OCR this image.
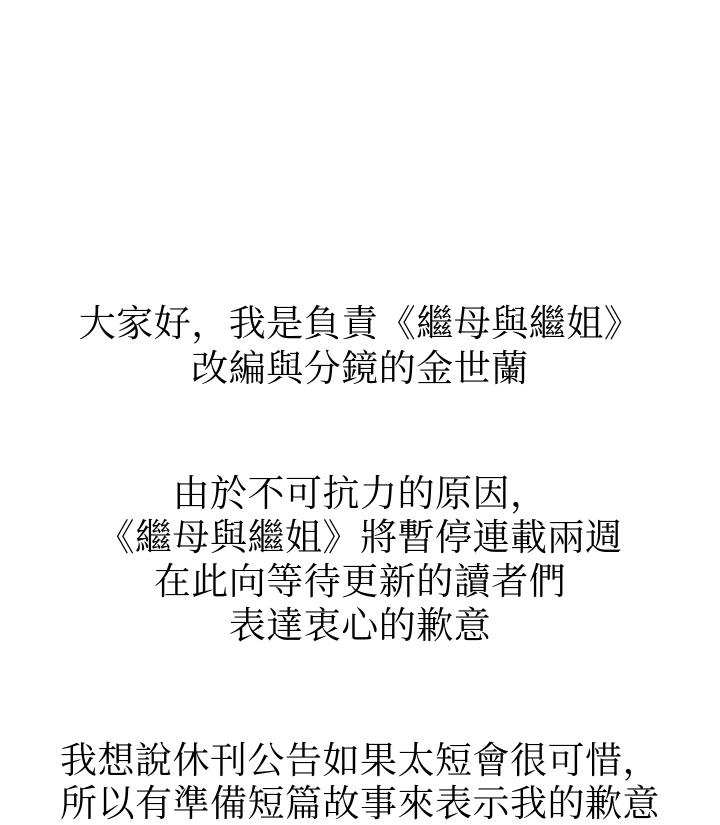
大家好，我是負責《繼母與繼姐》
改編與分鏡的金世蘭
由於不可抗力的原因，
《繼母與繼姐》將暫停連載兩週
在此向等待更新的讀者們
表達衷心的歉意
我想說休刊公告如果太短會很可惜，
所以有準備短篇故事來表示我的歉意
